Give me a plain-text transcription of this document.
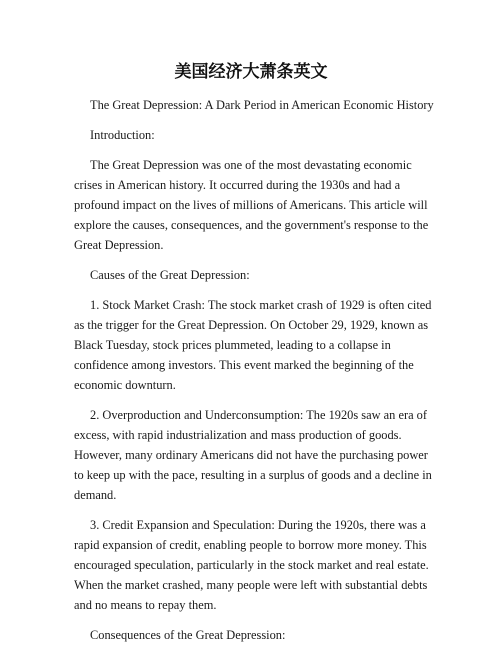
美国经济大萧条英文

The Great Depression: A Dark Period in American Economic History

Introduction:

The Great Depression was one of the most devastating economic crises in American history. It occurred during the 1930s and had a profound impact on the lives of millions of Americans. This article will explore the causes, consequences, and the government's response to the Great Depression.

Causes of the Great Depression:

1. Stock Market Crash: The stock market crash of 1929 is often cited as the trigger for the Great Depression. On October 29, 1929, known as Black Tuesday, stock prices plummeted, leading to a collapse in confidence among investors. This event marked the beginning of the economic downturn.

2. Overproduction and Underconsumption: The 1920s saw an era of excess, with rapid industrialization and mass production of goods. However, many ordinary Americans did not have the purchasing power to keep up with the pace, resulting in a surplus of goods and a decline in demand.

3. Credit Expansion and Speculation: During the 1920s, there was a rapid expansion of credit, enabling people to borrow more money. This encouraged speculation, particularly in the stock market and real estate. When the market crashed, many people were left with substantial debts and no means to repay them.

Consequences of the Great Depression:
